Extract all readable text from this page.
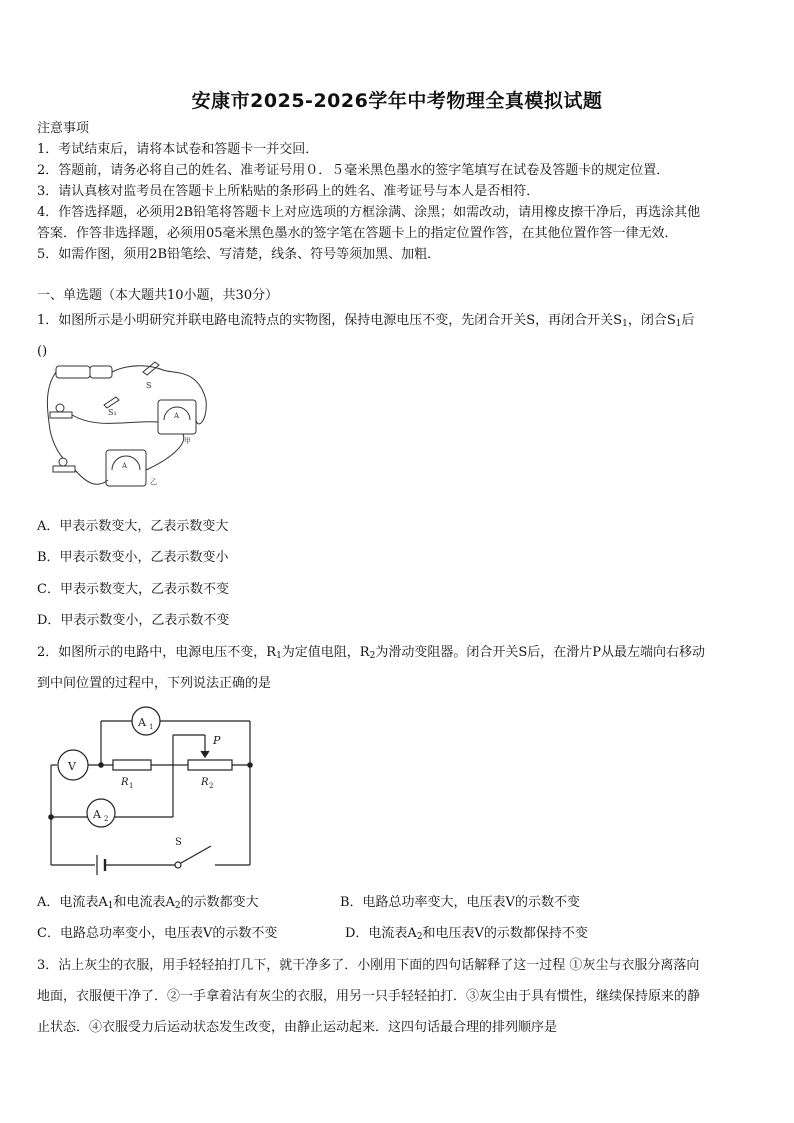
安康市2025-2026学年中考物理全真模拟试题
注意事项
1．考试结束后，请将本试卷和答题卡一并交回．
2．答题前，请务必将自己的姓名、准考证号用０．５毫米黑色墨水的签字笔填写在试卷及答题卡的规定位置．
3．请认真核对监考员在答题卡上所粘贴的条形码上的姓名、准考证号与本人是否相符．
4．作答选择题，必须用2B铅笔将答题卡上对应选项的方框涂满、涂黑；如需改动，请用橡皮擦干净后，再选涂其他
答案．作答非选择题，必须用05毫米黑色墨水的签字笔在答题卡上的指定位置作答，在其他位置作答一律无效．
5．如需作图，须用2B铅笔绘、写清楚，线条、符号等须加黑、加粗．
一、单选题（本大题共10小题，共30分）
1．如图所示是小明研究并联电路电流特点的实物图，保持电源电压不变，先闭合开关S，再闭合开关$S_1$，闭合$S_1$后
()
S
S₁	A
甲
A
乙
A．甲表示数变大，乙表示数变大
B．甲表示数变小，乙表示数变小
C．甲表示数变大，乙表示数不变
D．甲表示数变小，乙表示数不变
2．如图所示的电路中，电源电压不变，$R_1$为定值电阻，$R_2$为滑动变阻器。闭合开关S后，在滑片P从最左端向右移动
到中间位置的过程中，下列说法正确的是
A 1
V
R 1
P
R 2
A 2
S
A．电流表$A_1$和电流表$A_2$的示数都变大	B．电路总功率变大，电压表V的示数不变
C．电路总功率变小，电压表V的示数不变	D．电流表$A_2$和电压表V的示数都保持不变
3．沾上灰尘的衣服，用手轻轻拍打几下，就干净多了．小刚用下面的四句话解释了这一过程 ①灰尘与衣服分离落向
地面，衣服便干净了．②一手拿着沾有灰尘的衣服，用另一只手轻轻拍打．③灰尘由于具有惯性，继续保持原来的静
止状态．④衣服受力后运动状态发生改变，由静止运动起来．这四句话最合理的排列顺序是
